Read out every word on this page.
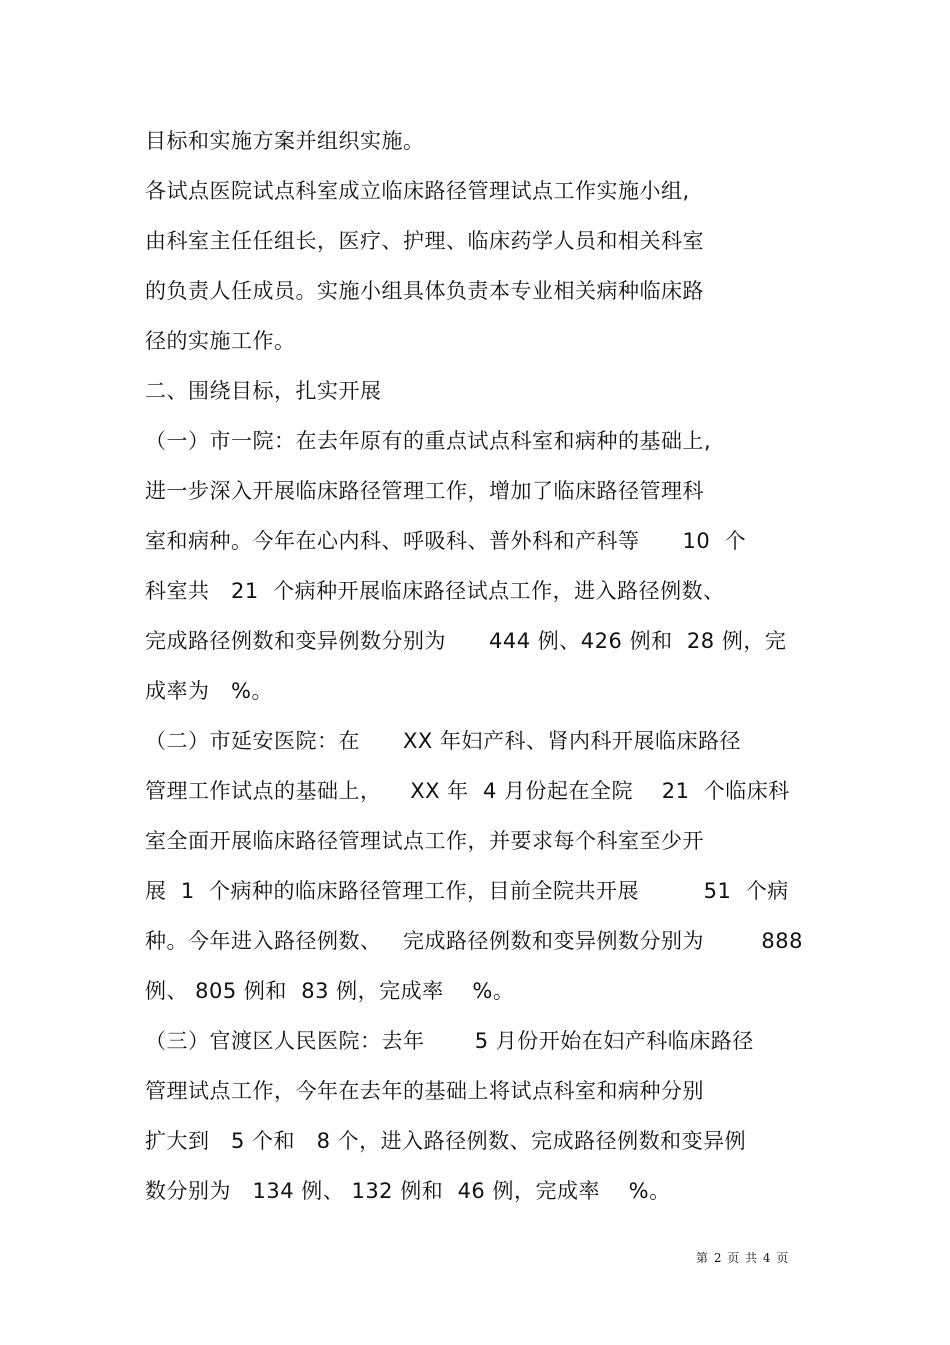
目标和实施方案并组织实施。
各试点医院试点科室成立临床路径管理试点工作实施小组,
由科室主任任组长，医疗、护理、临床药学人员和相关科室
的负责人任成员。实施小组具体负责本专业相关病种临床路
径的实施工作。
二、围绕目标，扎实开展
（一）市一院：在去年原有的重点试点科室和病种的基础上,
进一步深入开展临床路径管理工作，增加了临床路径管理科
室和病种。今年在心内科、呼吸科、普外科和产科等      10  个
科室共   21  个病种开展临床路径试点工作，进入路径例数、
完成路径例数和变异例数分别为      444 例、426 例和  28 例，完
成率为   %。
（二）市延安医院：在      XX 年妇产科、肾内科开展临床路径
管理工作试点的基础上，    XX 年  4 月份起在全院    21  个临床科
室全面开展临床路径管理试点工作，并要求每个科室至少开
展  1  个病种的临床路径管理工作，目前全院共开展         51  个病
种。今年进入路径例数、   完成路径例数和变异例数分别为        888
例、 805 例和  83 例，完成率    %。
（三）官渡区人民医院：去年       5 月份开始在妇产科临床路径
管理试点工作，今年在去年的基础上将试点科室和病种分别
扩大到   5 个和   8 个，进入路径例数、完成路径例数和变异例
数分别为   134 例、 132 例和  46 例，完成率    %。
第 2 页 共 4 页
